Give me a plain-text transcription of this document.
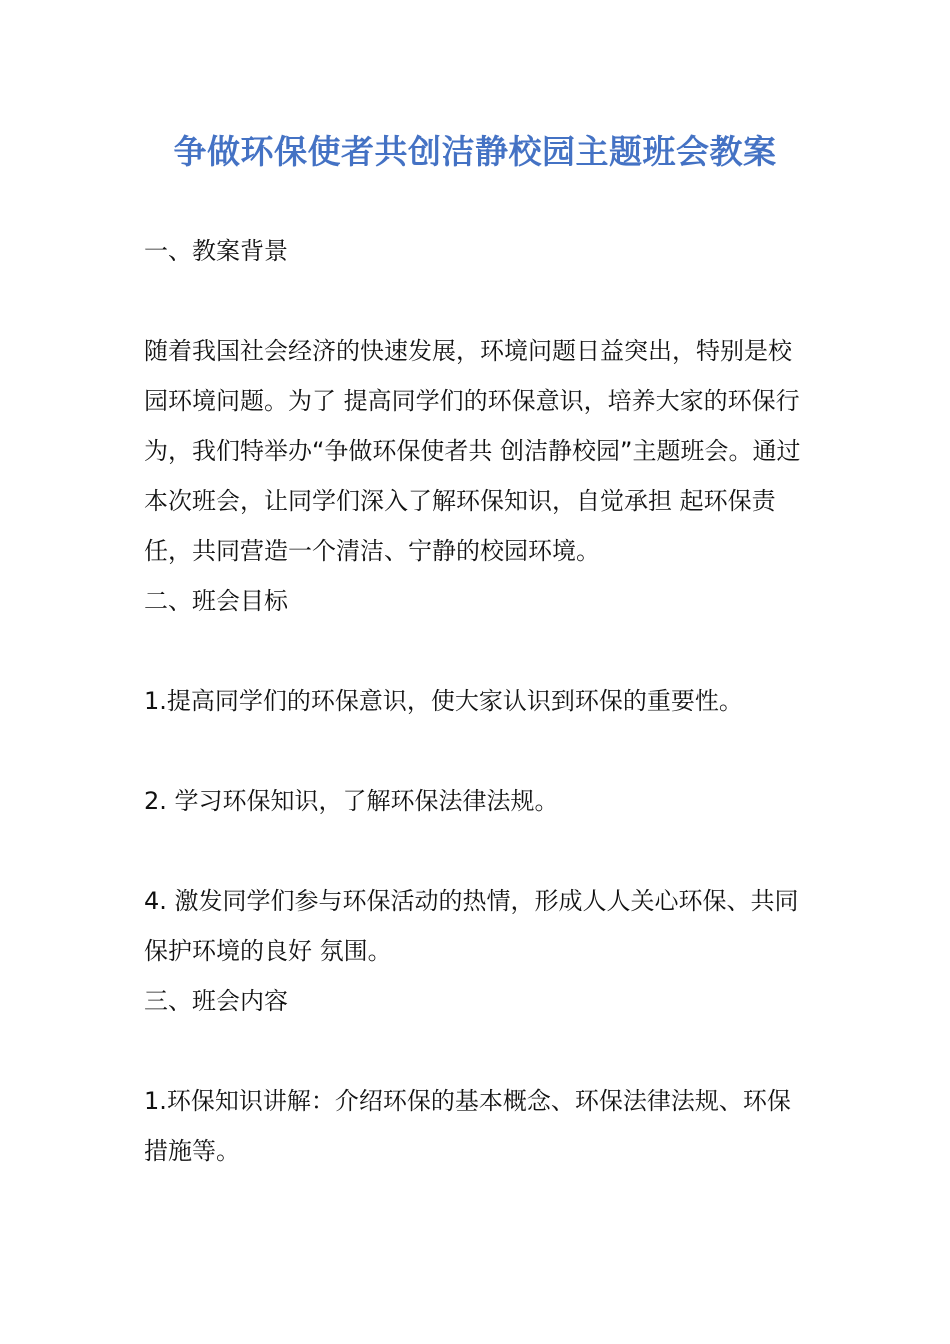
争做环保使者共创洁静校园主题班会教案

一、教案背景

随着我国社会经济的快速发展，环境问题日益突出，特别是校园环境问题。为了 提高同学们的环保意识，培养大家的环保行为，我们特举办“争做环保使者共 创洁静校园”主题班会。通过本次班会，让同学们深入了解环保知识，自觉承担 起环保责任，共同营造一个清洁、宁静的校园环境。

二、班会目标

1.提高同学们的环保意识，使大家认识到环保的重要性。

2. 学习环保知识，了解环保法律法规。

4. 激发同学们参与环保活动的热情，形成人人关心环保、共同保护环境的良好 氛围。

三、班会内容

1.环保知识讲解：介绍环保的基本概念、环保法律法规、环保措施等。
